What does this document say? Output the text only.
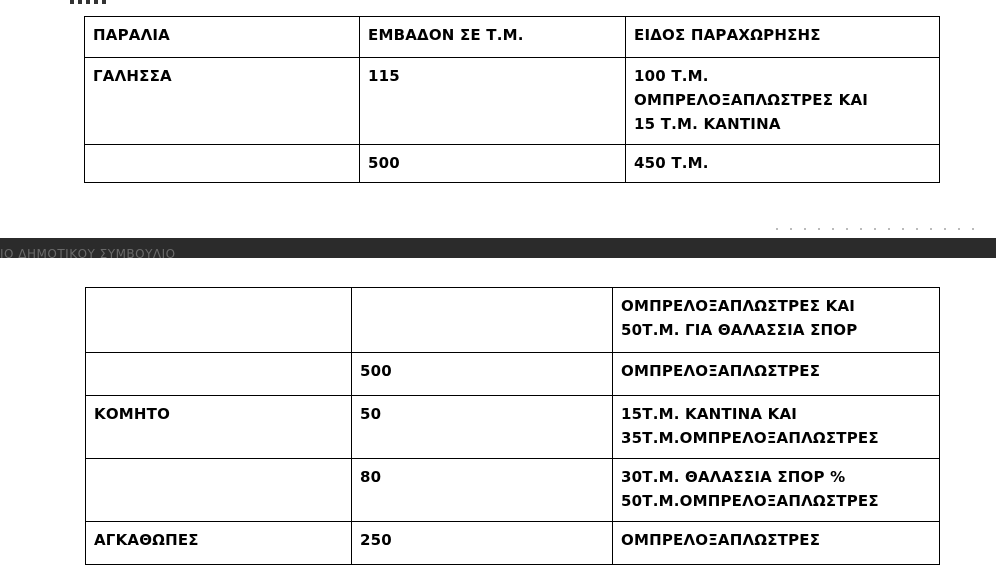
ΠΑΡΑΛΙΑ	ΕΜΒΑΔΟΝ ΣΕ Τ.Μ.	ΕΙΔΟΣ ΠΑΡΑΧΩΡΗΣΗΣ
ΓΑΛΗΣΣΑ	115	100 Τ.Μ.
ΟΜΠΡΕΛΟΞΑΠΛΩΣΤΡΕΣ ΚΑΙ
15 Τ.Μ. ΚΑΝΤΙΝΑ
	500	450 Τ.Μ.
ΙΟ ΔΗΜΟΤΙΚΟΥ ΣΥΜΒΟΥΛΙΟ
		ΟΜΠΡΕΛΟΞΑΠΛΩΣΤΡΕΣ ΚΑΙ
50Τ.Μ. ΓΙΑ ΘΑΛΑΣΣΙΑ ΣΠΟΡ
	500	ΟΜΠΡΕΛΟΞΑΠΛΩΣΤΡΕΣ
ΚΟΜΗΤΟ	50	15Τ.Μ. ΚΑΝΤΙΝΑ ΚΑΙ
35Τ.Μ.ΟΜΠΡΕΛΟΞΑΠΛΩΣΤΡΕΣ
	80	30Τ.Μ. ΘΑΛΑΣΣΙΑ ΣΠΟΡ %
50Τ.Μ.ΟΜΠΡΕΛΟΞΑΠΛΩΣΤΡΕΣ
ΑΓΚΑΘΩΠΕΣ	250	ΟΜΠΡΕΛΟΞΑΠΛΩΣΤΡΕΣ
